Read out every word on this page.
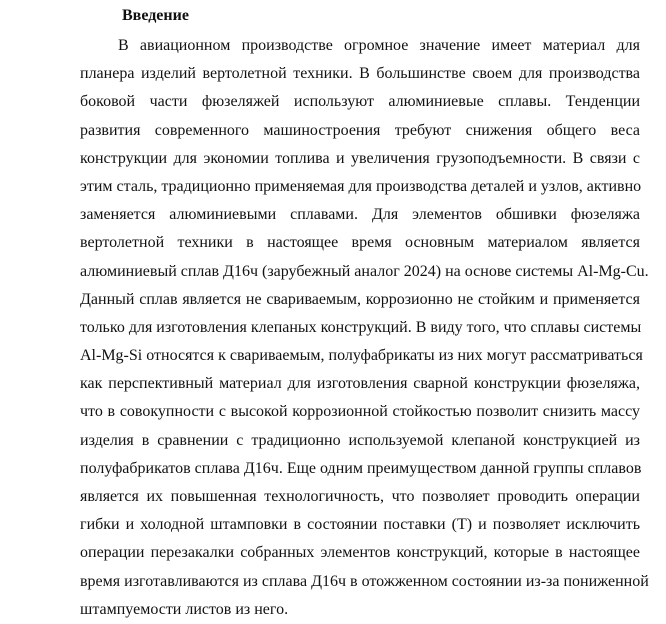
Введение
В авиационном производстве огромное значение имеет материал для
планера изделий вертолетной техники. В большинстве своем для производства
боковой части фюзеляжей используют алюминиевые сплавы. Тенденции
развития современного машиностроения требуют снижения общего веса
конструкции для экономии топлива и увеличения грузоподъемности. В связи с
этим сталь, традиционно применяемая для производства деталей и узлов, активно
заменяется алюминиевыми сплавами. Для элементов обшивки фюзеляжа
вертолетной техники в настоящее время основным материалом является
алюминиевый сплав Д16ч (зарубежный аналог 2024) на основе системы Al-Mg-Cu.
Данный сплав является не свариваемым, коррозионно не стойким и применяется
только для изготовления клепаных конструкций. В виду того, что сплавы системы
Al-Mg-Si относятся к свариваемым, полуфабрикаты из них могут рассматриваться
как перспективный материал для изготовления сварной конструкции фюзеляжа,
что в совокупности с высокой коррозионной стойкостью позволит снизить массу
изделия в сравнении с традиционно используемой клепаной конструкцией из
полуфабрикатов сплава Д16ч. Еще одним преимуществом данной группы сплавов
является их повышенная технологичность, что позволяет проводить операции
гибки и холодной штамповки в состоянии поставки (Т) и позволяет исключить
операции перезакалки собранных элементов конструкций, которые в настоящее
время изготавливаются из сплава Д16ч в отожженном состоянии из-за пониженной
штампуемости листов из него.
